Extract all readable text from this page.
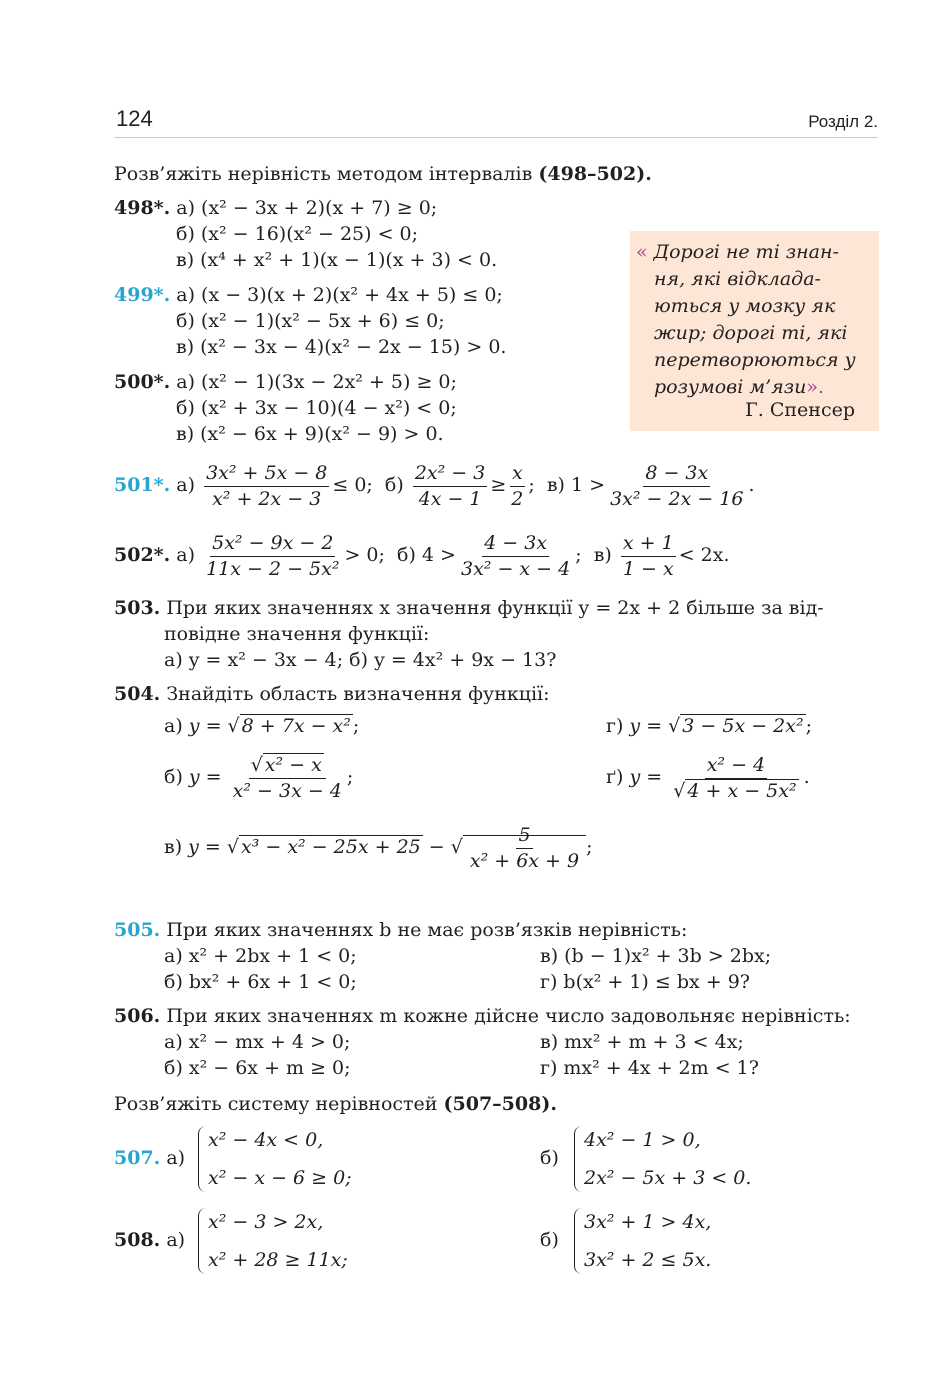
124	Розділ 2.
Розв’яжіть нерівність методом інтервалів (498–502).
498*. а) (x² − 3x + 2)(x + 7) ≥ 0;
б) (x² − 16)(x² − 25) < 0;
в) (x⁴ + x² + 1)(x − 1)(x + 3) < 0.
499*. а) (x − 3)(x + 2)(x² + 4x + 5) ≤ 0;
б) (x² − 1)(x² − 5x + 6) ≤ 0;
в) (x² − 3x − 4)(x² − 2x − 15) > 0.
500*. а) (x² − 1)(3x − 2x² + 5) ≥ 0;
б) (x² + 3x − 10)(4 − x²) < 0;
в) (x² − 6x + 9)(x² − 9) > 0.
« Дорогі не ті знан-
ня, які відклада-
ються у мозку як
жир; дорогі ті, які
перетворюються у
розумові м’язи».
Г. Спенсер
501*. $а) \frac{\text{3x² + 5x − 8}}{\text{x² + 2x − 3}} \le 0$; $б) \frac{\text{2x² − 3}}{4x - 1} \ge \frac{x}{2}$ ; в) $1 > \frac{8 - 3x}{\text{3x² − 2x − 16}}$ .
502*. $а) \frac{\text{5x² − 9x − 2}}{\text{11x − 2 − 5x²}} > 0$; б) $4 > \frac{4 - 3x}{\text{3x² − x − 4}}$ ; $в) \frac{x + 1}{1 - x} < 2x$.
503. При яких значеннях x значення функції y = 2x + 2 більше за від-
повідне значення функції:
а) y = x² − 3x − 4; б) y = 4x² + 9x − 13?
504. Знайдіть область визначення функції:
а) y = √ 8 + 7x − x² ;	г) y = √ 3 − 5x − 2x² ;
б) $y = \frac{\text{√ x² − x}}{\text{x² − 3x − 4}}$ ;	ґ) $y = \frac{\text{x² − 4}}{\text{√ 4 + x − 5x²}}$ .
в) y = √ x³ − x² − 25x + 25 − √ $\frac{5}{\text{x² + 6x + 9}}$ ;
505. При яких значеннях b не має розв’язків нерівність:
а) x² + 2bx + 1 < 0;	в) (b − 1)x² + 3b > 2bx;
б) bx² + 6x + 1 < 0;	г) b(x² + 1) ≤ bx + 9?
506. При яких значеннях m кожне дійсне число задовольняє нерівність:
а) x² − mx + 4 > 0;	в) mx² + m + 3 < 4x;
б) x² − 6x + m ≥ 0;	г) mx² + 4x + 2m < 1?
Розв’яжіть систему нерівностей (507–508).
507. а)
x² − 4x < 0,
x² − x − 6 ≥ 0;
б)
4x² − 1 > 0,
2x² − 5x + 3 < 0.
508. а)
x² − 3 > 2x,
x² + 28 ≥ 11x;
б)
3x² + 1 > 4x,
3x² + 2 ≤ 5x.
